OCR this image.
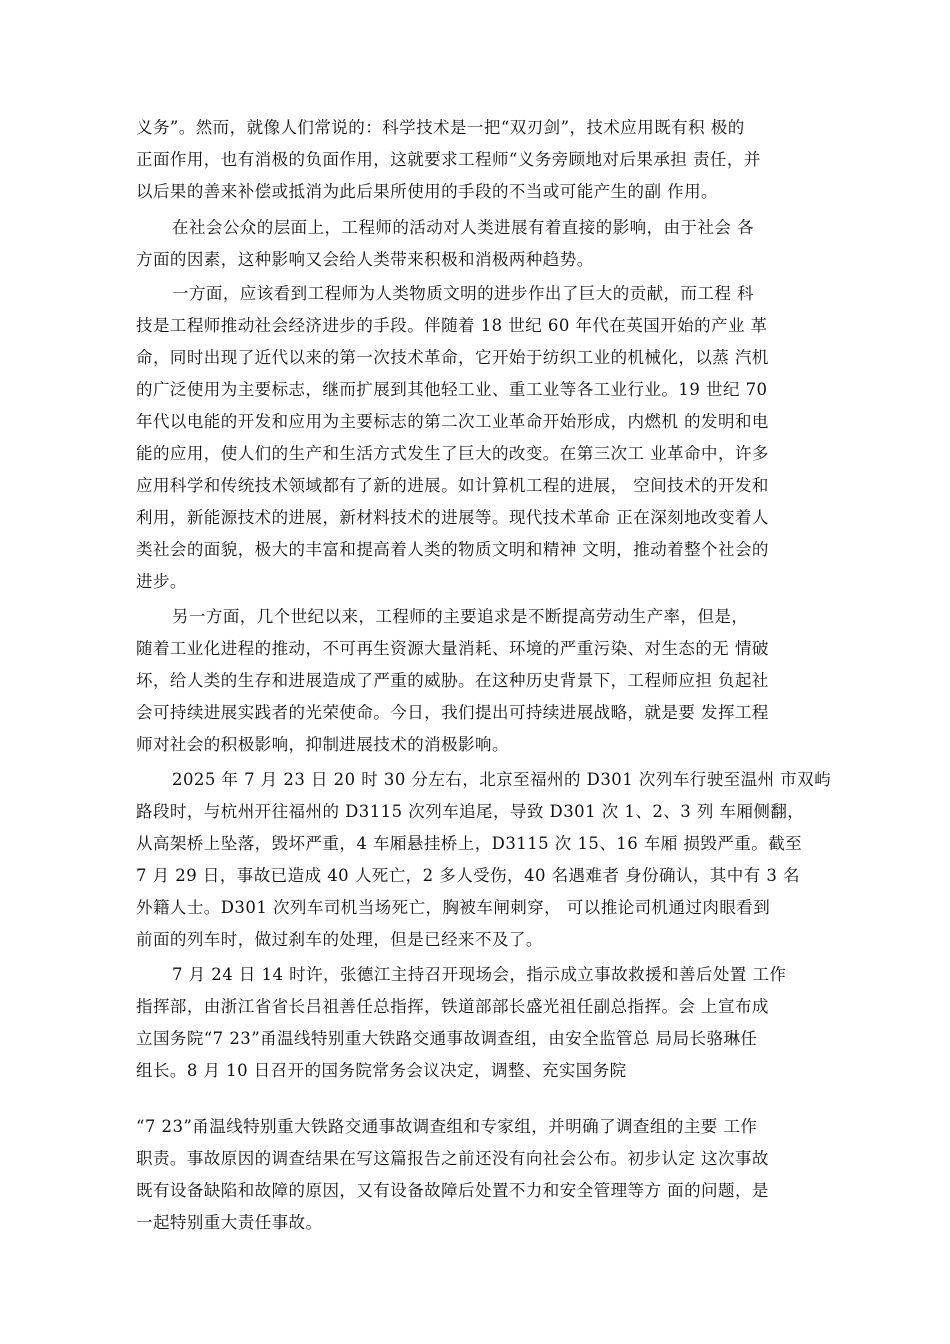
义务”。然而，就像人们常说的：科学技术是一把“双刃剑”，技术应用既有积 极的
正面作用，也有消极的负面作用，这就要求工程师“义务旁顾地对后果承担 责任，并
以后果的善来补偿或抵消为此后果所使用的手段的不当或可能产生的副 作用。
在社会公众的层面上，工程师的活动对人类进展有着直接的影响，由于社会 各
方面的因素，这种影响又会给人类带来积极和消极两种趋势。
一方面，应该看到工程师为人类物质文明的进步作出了巨大的贡献，而工程 科
技是工程师推动社会经济进步的手段。伴随着 18 世纪 60 年代在英国开始的产业 革
命，同时出现了近代以来的第一次技术革命，它开始于纺织工业的机械化，以蒸 汽机
的广泛使用为主要标志，继而扩展到其他轻工业、重工业等各工业行业。19 世纪 70
年代以电能的开发和应用为主要标志的第二次工业革命开始形成，内燃机 的发明和电
能的应用，使人们的生产和生活方式发生了巨大的改变。在第三次工 业革命中，许多
应用科学和传统技术领域都有了新的进展。如计算机工程的进展， 空间技术的开发和
利用，新能源技术的进展，新材料技术的进展等。现代技术革命 正在深刻地改变着人
类社会的面貌，极大的丰富和提高着人类的物质文明和精神 文明，推动着整个社会的
进步。
另一方面，几个世纪以来，工程师的主要追求是不断提高劳动生产率，但是，
随着工业化进程的推动，不可再生资源大量消耗、环境的严重污染、对生态的无 情破
坏，给人类的生存和进展造成了严重的威胁。在这种历史背景下，工程师应担 负起社
会可持续进展实践者的光荣使命。今日，我们提出可持续进展战略，就是要 发挥工程
师对社会的积极影响，抑制进展技术的消极影响。
2025 年 7 月 23 日 20 时 30 分左右，北京至福州的 D301 次列车行驶至温州 市双屿
路段时，与杭州开往福州的 D3115 次列车追尾，导致 D301 次 1、2、3 列 车厢侧翻，
从高架桥上坠落，毁坏严重，4 车厢悬挂桥上，D3115 次 15、16 车厢 损毁严重。截至
7 月 29 日，事故已造成 40 人死亡，2 多人受伤，40 名遇难者 身份确认，其中有 3 名
外籍人士。D301 次列车司机当场死亡，胸被车闸刺穿， 可以推论司机通过肉眼看到
前面的列车时，做过刹车的处理，但是已经来不及了。
7 月 24 日 14 时许，张德江主持召开现场会，指示成立事故救援和善后处置 工作
指挥部，由浙江省省长吕祖善任总指挥，铁道部部长盛光祖任副总指挥。会 上宣布成
立国务院“7 23”甬温线特别重大铁路交通事故调查组，由安全监管总 局局长骆琳任
组长。8 月 10 日召开的国务院常务会议决定，调整、充实国务院
“7 23”甬温线特别重大铁路交通事故调查组和专家组，并明确了调查组的主要 工作
职责。事故原因的调查结果在写这篇报告之前还没有向社会公布。初步认定 这次事故
既有设备缺陷和故障的原因，又有设备故障后处置不力和安全管理等方 面的问题，是
一起特别重大责任事故。
